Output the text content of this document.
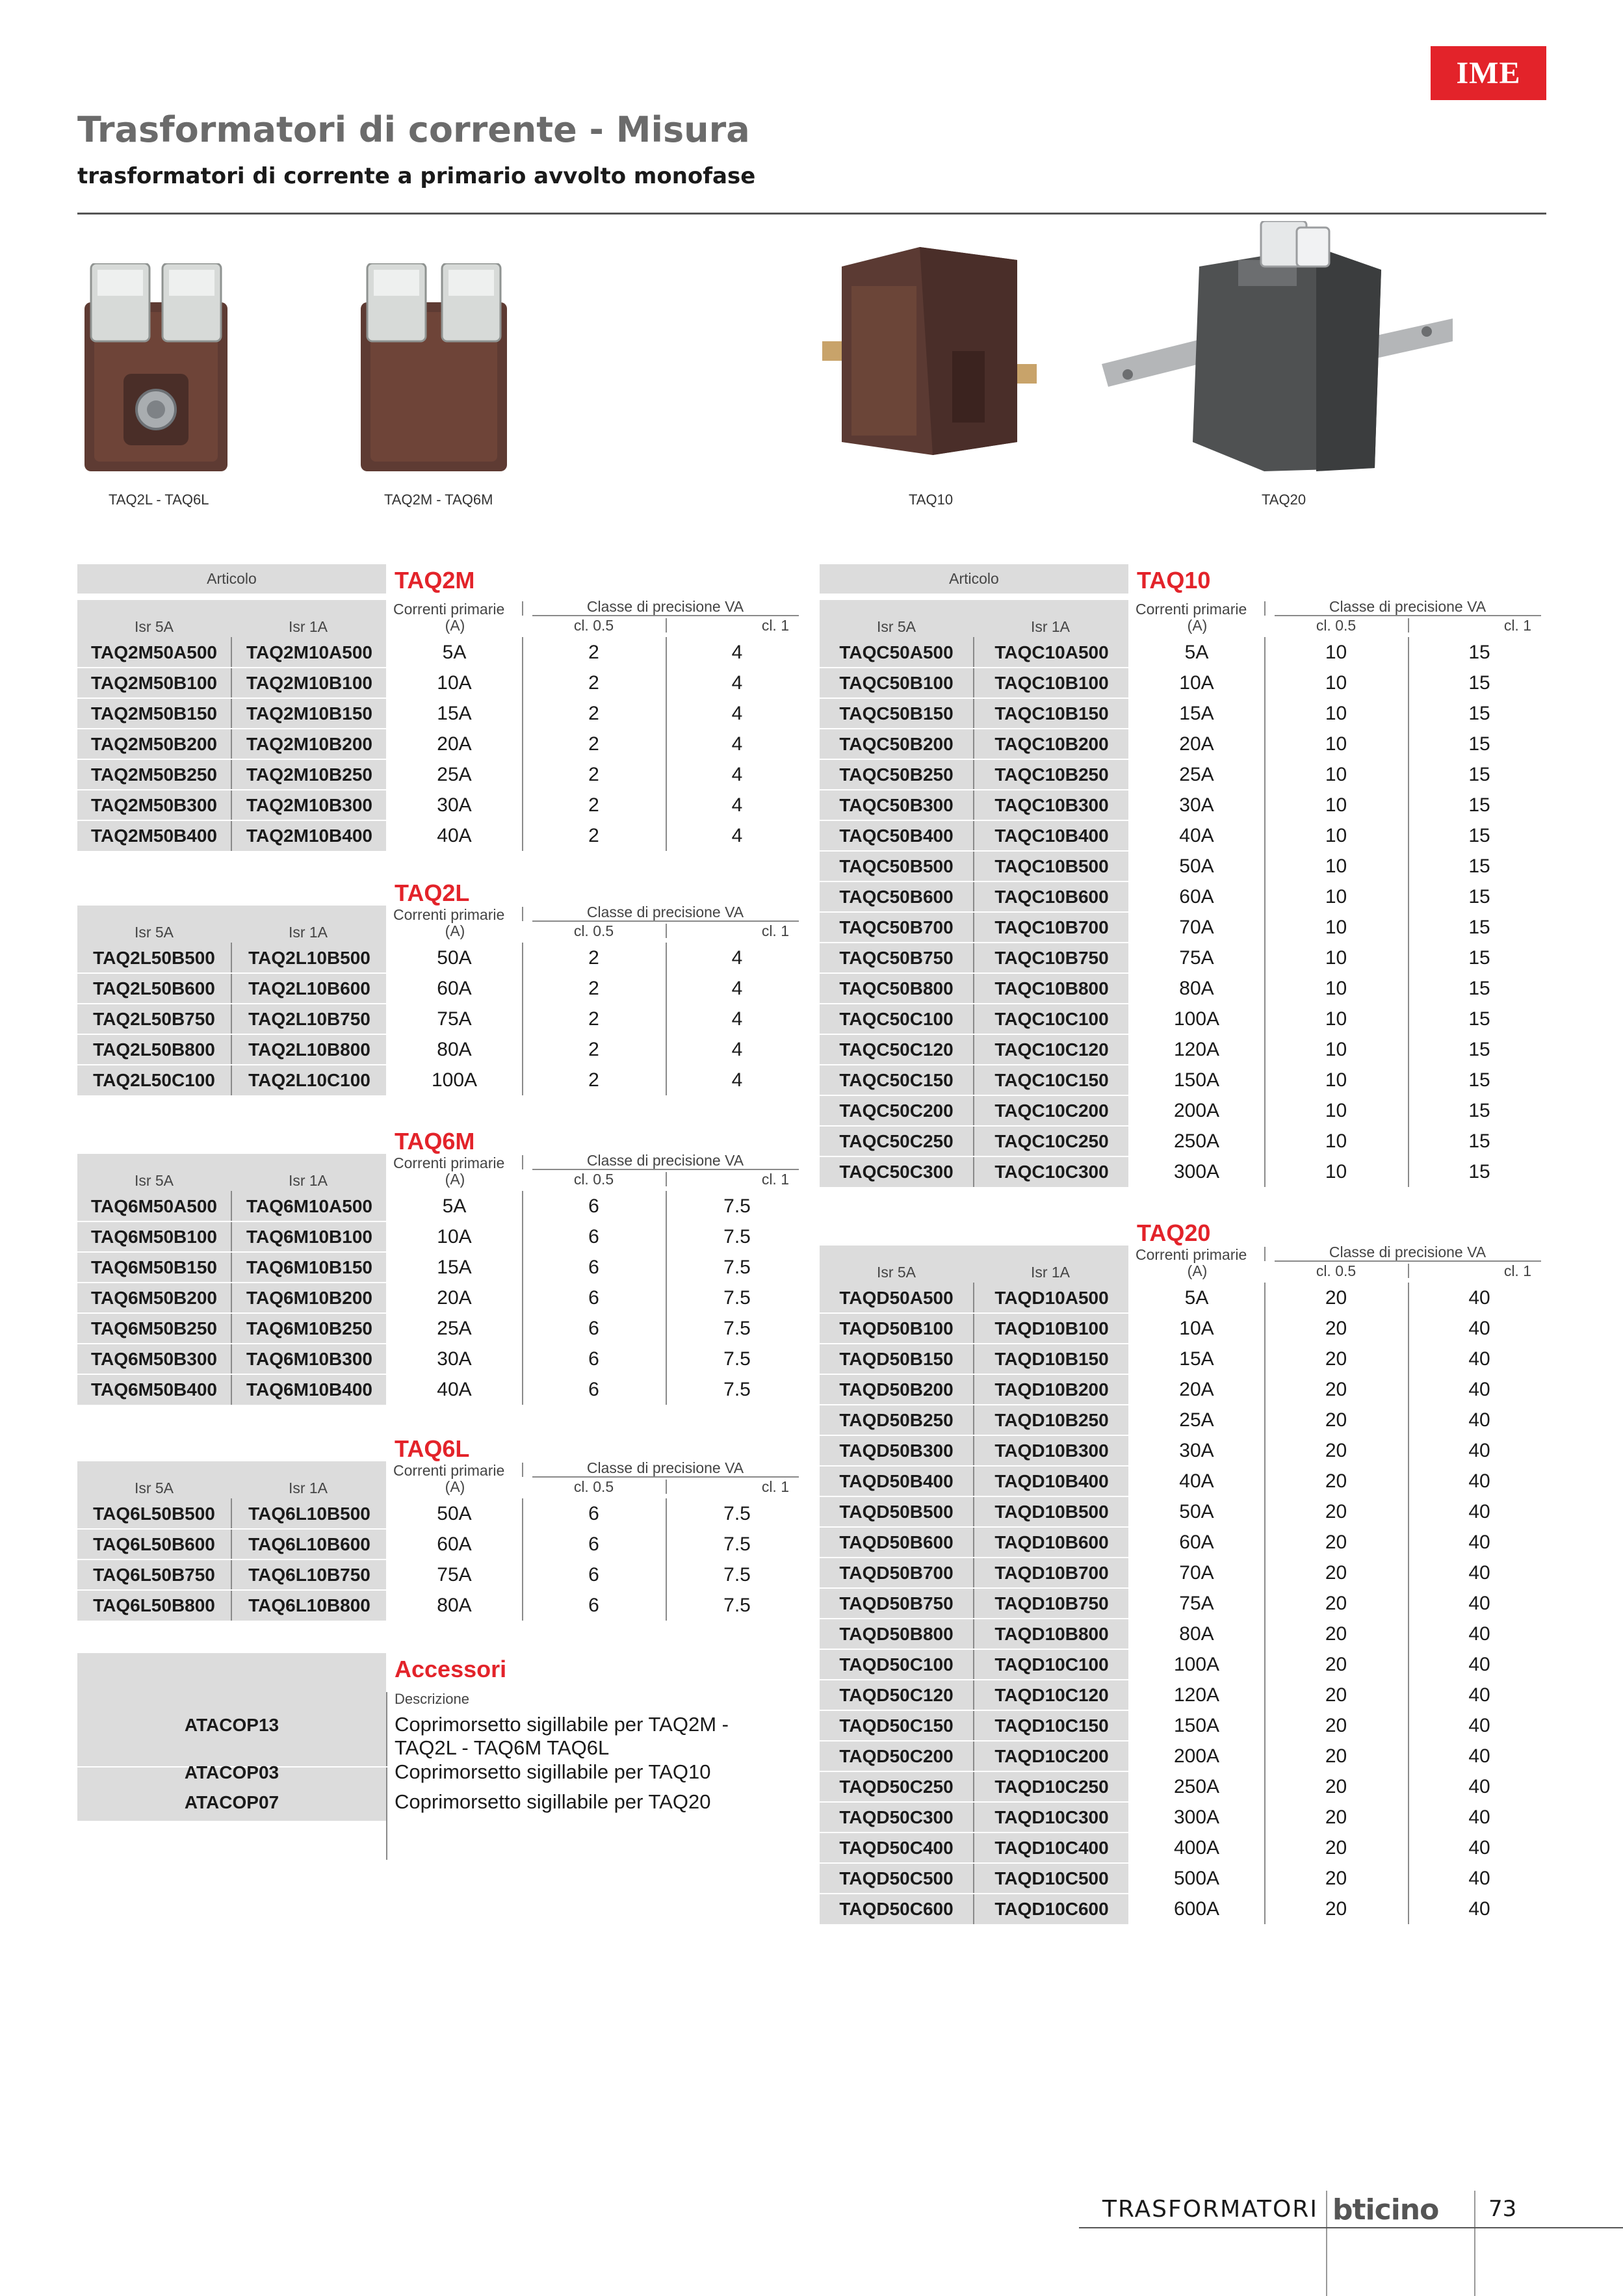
IME
Trasformatori di corrente - Misura
trasformatori di corrente a primario avvolto monofase
TAQ2L - TAQ6L	TAQ2M - TAQ6M	TAQ10	TAQ20
Articolo	TAQ2M
Isr 5A	Isr 1A
Correnti primarie
(A)
Classe di precisione VA
cl. 0.5	cl. 1
TAQ2M50A500	TAQ2M10A500	5A	2	4
TAQ2M50B100	TAQ2M10B100	10A	2	4
TAQ2M50B150	TAQ2M10B150	15A	2	4
TAQ2M50B200	TAQ2M10B200	20A	2	4
TAQ2M50B250	TAQ2M10B250	25A	2	4
TAQ2M50B300	TAQ2M10B300	30A	2	4
TAQ2M50B400	TAQ2M10B400	40A	2	4
TAQ2L
Isr 5A	Isr 1A
Correnti primarie
(A)
Classe di precisione VA
cl. 0.5	cl. 1
TAQ2L50B500	TAQ2L10B500	50A	2	4
TAQ2L50B600	TAQ2L10B600	60A	2	4
TAQ2L50B750	TAQ2L10B750	75A	2	4
TAQ2L50B800	TAQ2L10B800	80A	2	4
TAQ2L50C100	TAQ2L10C100	100A	2	4
TAQ6M
Isr 5A	Isr 1A
Correnti primarie
(A)
Classe di precisione VA
cl. 0.5	cl. 1
TAQ6M50A500	TAQ6M10A500	5A	6	7.5
TAQ6M50B100	TAQ6M10B100	10A	6	7.5
TAQ6M50B150	TAQ6M10B150	15A	6	7.5
TAQ6M50B200	TAQ6M10B200	20A	6	7.5
TAQ6M50B250	TAQ6M10B250	25A	6	7.5
TAQ6M50B300	TAQ6M10B300	30A	6	7.5
TAQ6M50B400	TAQ6M10B400	40A	6	7.5
TAQ6L
Isr 5A	Isr 1A
Correnti primarie
(A)
Classe di precisione VA
cl. 0.5	cl. 1
TAQ6L50B500	TAQ6L10B500	50A	6	7.5
TAQ6L50B600	TAQ6L10B600	60A	6	7.5
TAQ6L50B750	TAQ6L10B750	75A	6	7.5
TAQ6L50B800	TAQ6L10B800	80A	6	7.5
Articolo	TAQ10
Isr 5A	Isr 1A
Correnti primarie
(A)
Classe di precisione VA
cl. 0.5	cl. 1
TAQC50A500	TAQC10A500	5A	10	15
TAQC50B100	TAQC10B100	10A	10	15
TAQC50B150	TAQC10B150	15A	10	15
TAQC50B200	TAQC10B200	20A	10	15
TAQC50B250	TAQC10B250	25A	10	15
TAQC50B300	TAQC10B300	30A	10	15
TAQC50B400	TAQC10B400	40A	10	15
TAQC50B500	TAQC10B500	50A	10	15
TAQC50B600	TAQC10B600	60A	10	15
TAQC50B700	TAQC10B700	70A	10	15
TAQC50B750	TAQC10B750	75A	10	15
TAQC50B800	TAQC10B800	80A	10	15
TAQC50C100	TAQC10C100	100A	10	15
TAQC50C120	TAQC10C120	120A	10	15
TAQC50C150	TAQC10C150	150A	10	15
TAQC50C200	TAQC10C200	200A	10	15
TAQC50C250	TAQC10C250	250A	10	15
TAQC50C300	TAQC10C300	300A	10	15
TAQ20
Isr 5A	Isr 1A
Correnti primarie
(A)
Classe di precisione VA
cl. 0.5	cl. 1
TAQD50A500	TAQD10A500	5A	20	40
TAQD50B100	TAQD10B100	10A	20	40
TAQD50B150	TAQD10B150	15A	20	40
TAQD50B200	TAQD10B200	20A	20	40
TAQD50B250	TAQD10B250	25A	20	40
TAQD50B300	TAQD10B300	30A	20	40
TAQD50B400	TAQD10B400	40A	20	40
TAQD50B500	TAQD10B500	50A	20	40
TAQD50B600	TAQD10B600	60A	20	40
TAQD50B700	TAQD10B700	70A	20	40
TAQD50B750	TAQD10B750	75A	20	40
TAQD50B800	TAQD10B800	80A	20	40
TAQD50C100	TAQD10C100	100A	20	40
TAQD50C120	TAQD10C120	120A	20	40
TAQD50C150	TAQD10C150	150A	20	40
TAQD50C200	TAQD10C200	200A	20	40
TAQD50C250	TAQD10C250	250A	20	40
TAQD50C300	TAQD10C300	300A	20	40
TAQD50C400	TAQD10C400	400A	20	40
TAQD50C500	TAQD10C500	500A	20	40
TAQD50C600	TAQD10C600	600A	20	40
Accessori
Descrizione
ATACOP13	Coprimorsetto sigillabile per TAQ2M - TAQ2L - TAQ6M TAQ6L
ATACOP03	Coprimorsetto sigillabile per TAQ10
ATACOP07	Coprimorsetto sigillabile per TAQ20
TRASFORMATORI bticino 73
